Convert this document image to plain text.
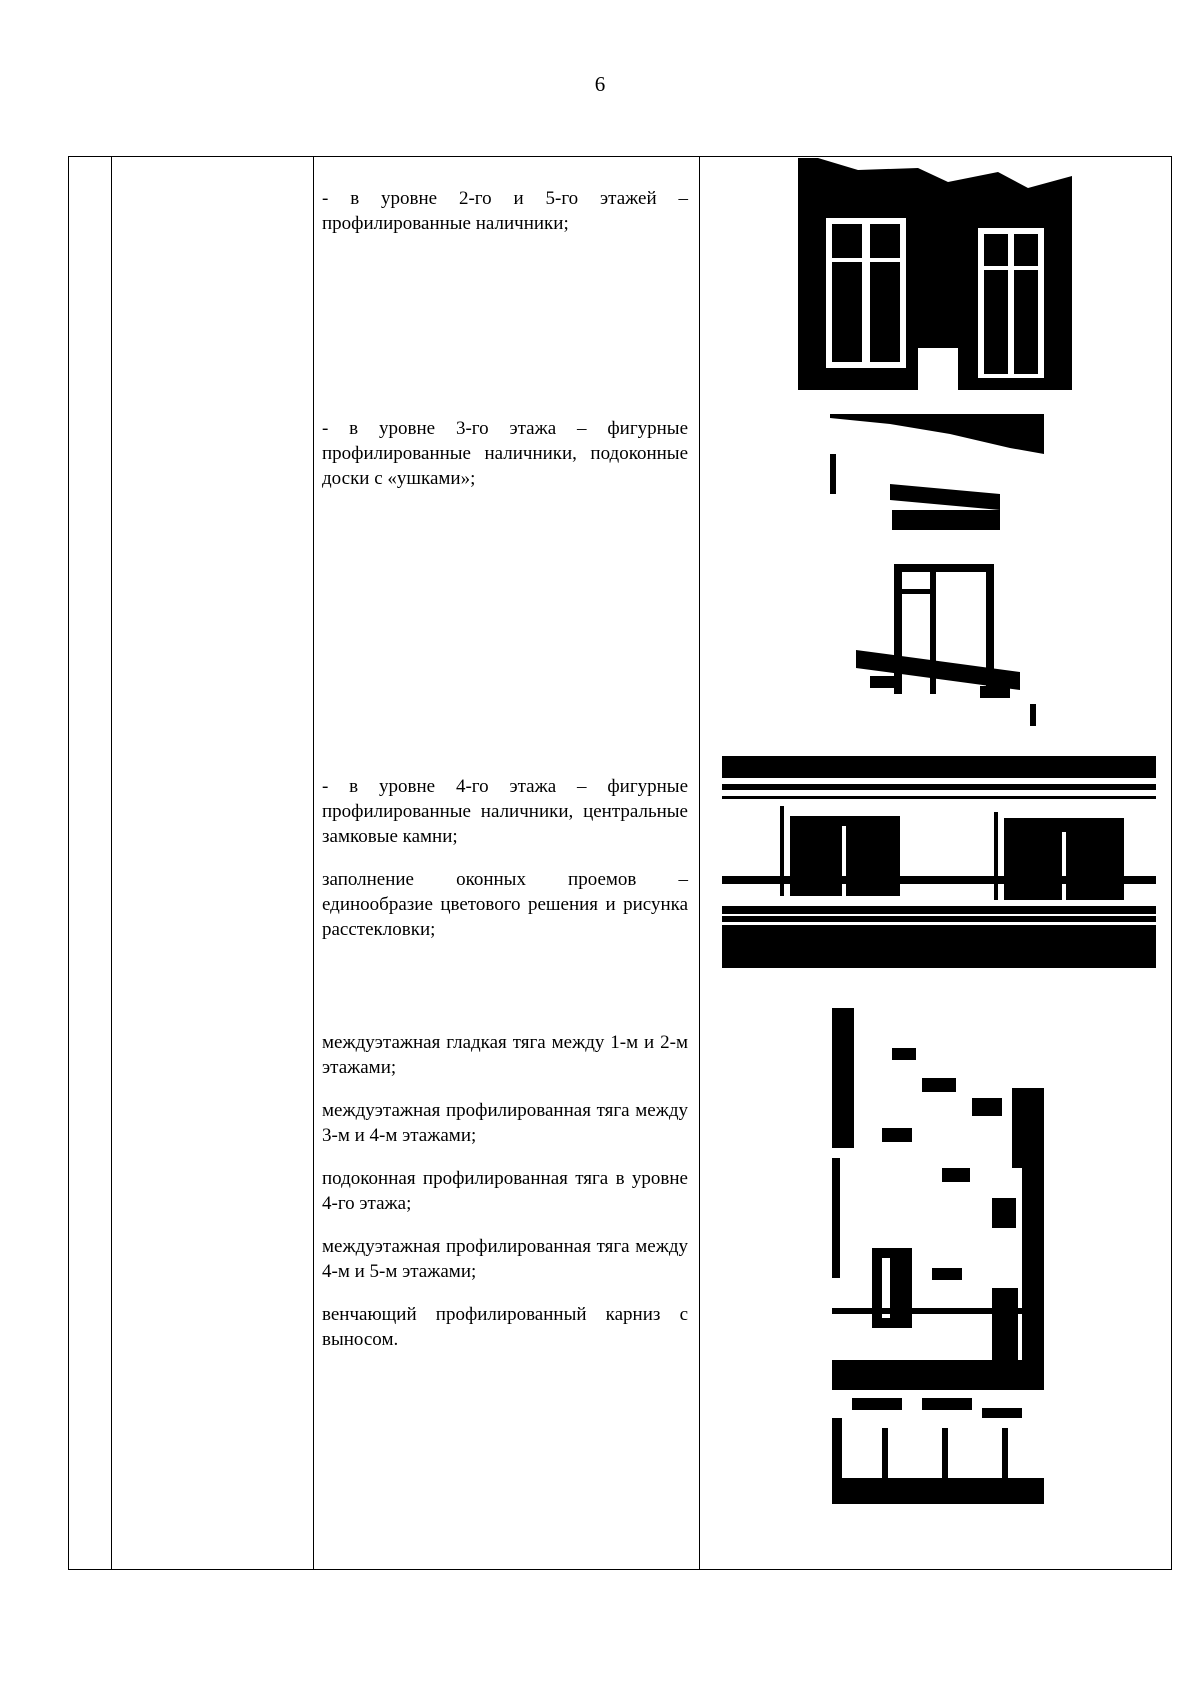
6

- в уровне 2-го и 5-го этажей – профилированные наличники;

- в уровне 3-го этажа – фигурные профилированные наличники, подоконные доски с «ушками»;

- в уровне 4-го этажа – фигурные профилированные наличники, центральные замковые камни;

заполнение оконных проемов – единообразие цветового решения и рисунка расстекловки;

междуэтажная гладкая тяга между 1-м и 2-м этажами;

междуэтажная профилированная тяга между 3-м и 4-м этажами;

подоконная профилированная тяга в уровне 4-го этажа;

междуэтажная профилированная тяга между 4-м и 5-м этажами;

венчающий профилированный карниз с выносом.
